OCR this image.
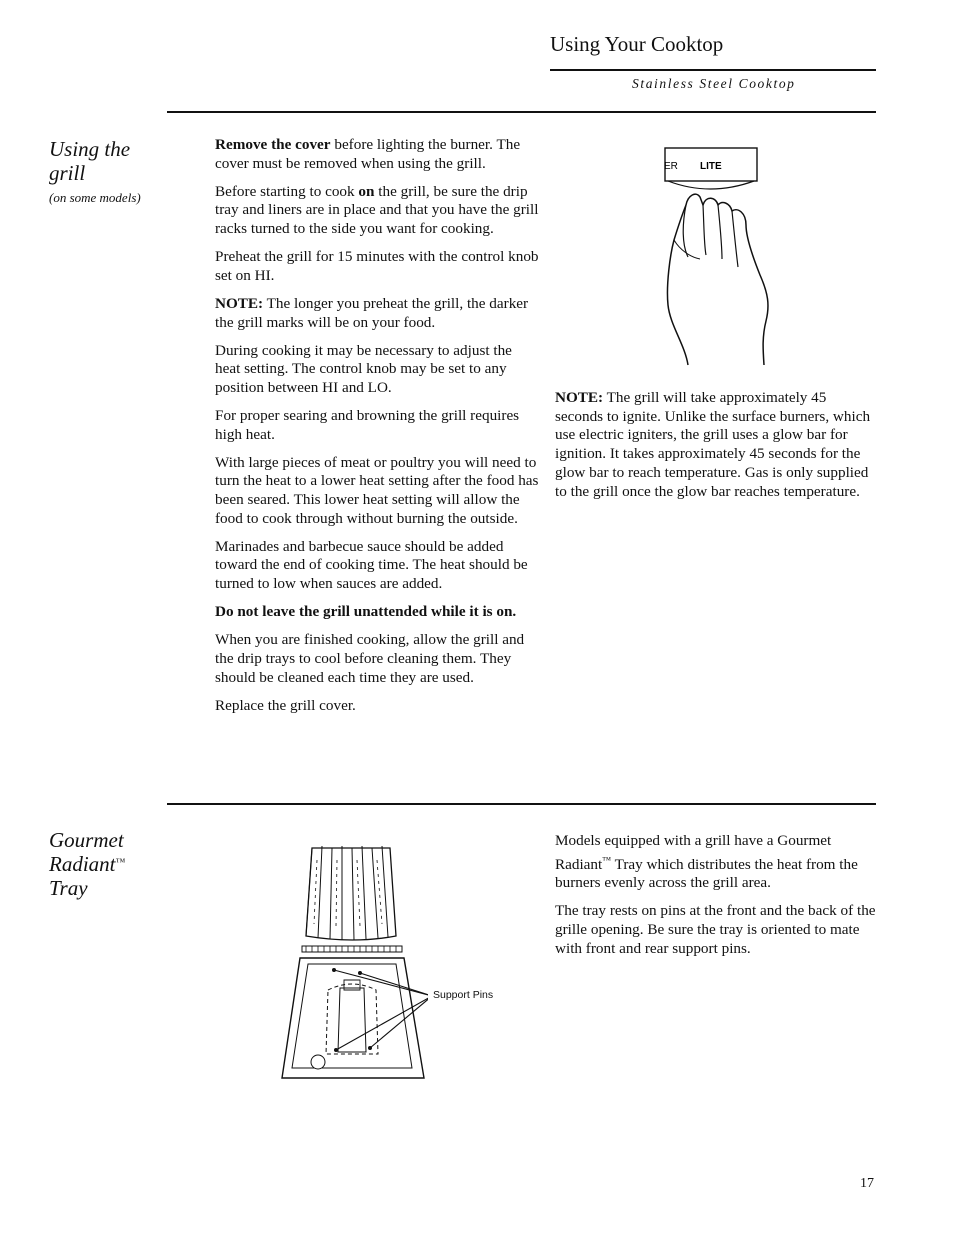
Using Your Cooktop
Stainless Steel Cooktop
Using the grill
(on some models)

Remove the cover before lighting the burner. The cover must be removed when using the grill.

Before starting to cook on the grill, be sure the drip tray and liners are in place and that you have the grill racks turned to the side you want for cooking.

Preheat the grill for 15 minutes with the control knob set on HI.

NOTE: The longer you preheat the grill, the darker the grill marks will be on your food.

During cooking it may be necessary to adjust the heat setting. The control knob may be set to any position between HI and LO.

For proper searing and browning the grill requires high heat.

With large pieces of meat or poultry you will need to turn the heat to a lower heat setting after the food has been seared. This lower heat setting will allow the food to cook through without burning the outside.

Marinades and barbecue sauce should be added toward the end of cooking time. The heat should be turned to low when sauces are added.

Do not leave the grill unattended while it is on.

When you are finished cooking, allow the grill and the drip trays to cool before cleaning them. They should be cleaned each time they are used.

Replace the grill cover.

ER LITE
NOTE: The grill will take approximately 45 seconds to ignite. Unlike the surface burners, which use electric igniters, the grill uses a glow bar for ignition. It takes approximately 45 seconds for the glow bar to reach temperature. Gas is only supplied to the grill once the glow bar reaches temperature.
Gourmet
Radiant™
Tray
Support Pins

Models equipped with a grill have a Gourmet Radiant™ Tray which distributes the heat from the burners evenly across the grill area.

The tray rests on pins at the front and the back of the grille opening. Be sure the tray is oriented to mate with front and rear support pins.

17
